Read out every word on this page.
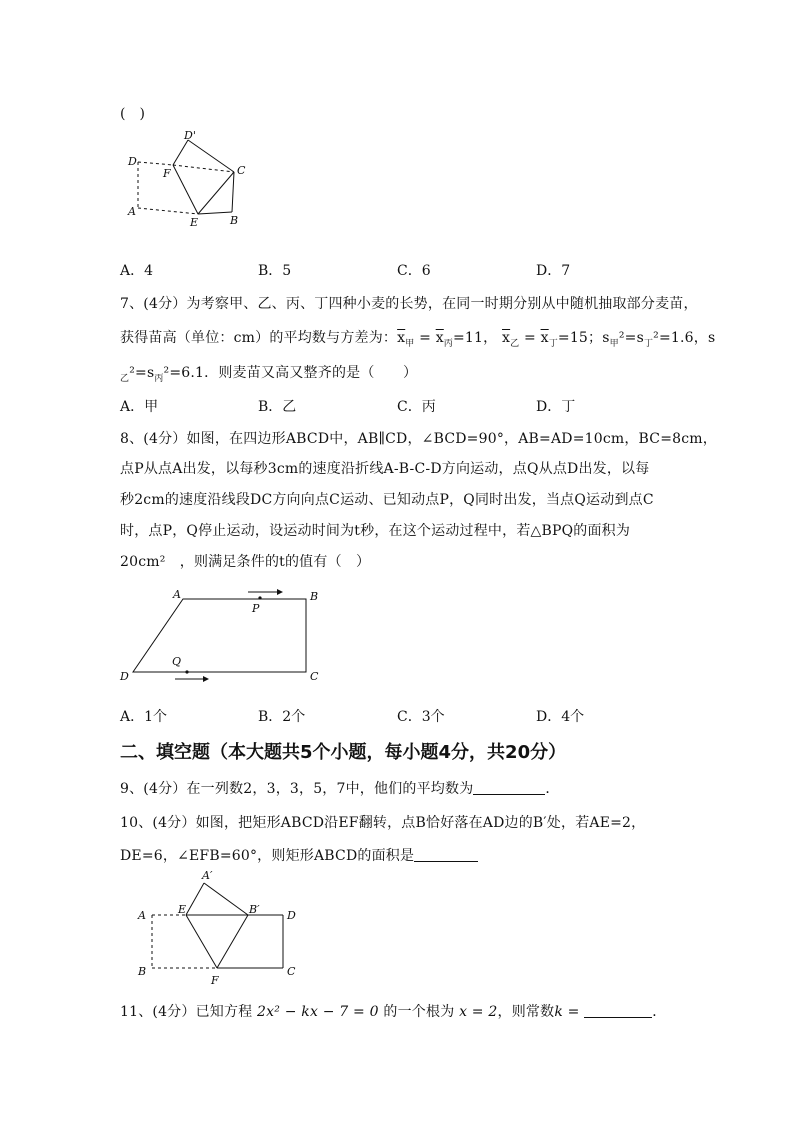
(　)
D'
D
F	C
A
E	B
A．4	B．5	C．6	D．7
7、(4分）为考察甲、乙、丙、丁四种小麦的长势，在同一时期分别从中随机抽取部分麦苗，
获得苗高（单位：cm）的平均数与方差为：$\overline{x}_甲 = \overline{x}_丙=11$， $\overline{x}_乙 = \overline{x}_丁=15$；$s_甲^2=s_丁^2=1.6$，s
$_乙^2=s_丙^2=6.1$．则麦苗又高又整齐的是（　　）
A．甲	B．乙	C．丙	D．丁
8、(4分）如图，在四边形ABCD中，AB∥CD，∠BCD=90°，AB=AD=10cm，BC=8cm，
点P从点A出发，以每秒3cm的速度沿折线A-B-C-D方向运动，点Q从点D出发，以每
秒2cm的速度沿线段DC方向向点C运动、已知动点P，Q同时出发，当点Q运动到点C
时，点P，Q停止运动，设运动时间为t秒，在这个运动过程中，若△BPQ的面积为
20cm²　，则满足条件的t的值有（　）
A
P
B
D
Q
C
A．1个	B．2个	C．3个	D．4个
二、填空题（本大题共5个小题，每小题4分，共20分）
9、(4分）在一列数2，3，3，5，7中，他们的平均数为	．
10、(4分）如图，把矩形ABCD沿EF翻转，点B恰好落在AD边的B′处，若AE=2，
DE=6，∠EFB=60°，则矩形ABCD的面积是
A′
A	E	B′ D
B
F
C
11、(4分）已知方程 2x² − kx − 7 = 0 的一个根为 x = 2，则常数k =	．
